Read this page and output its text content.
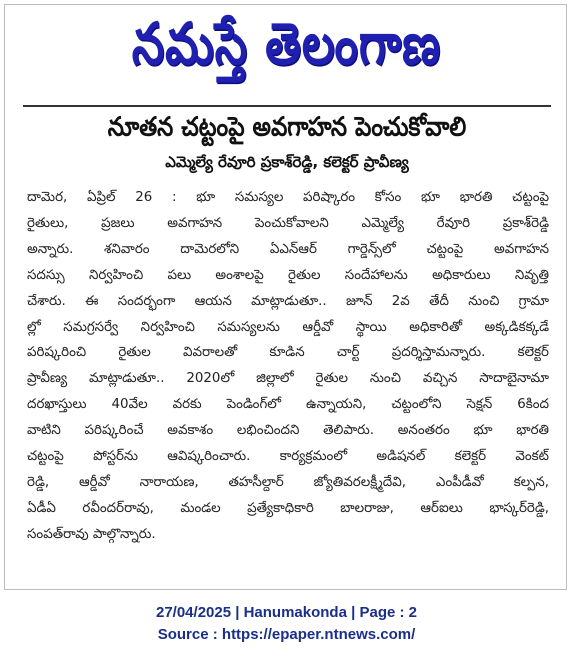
నమస్తే తెలంగాణ
నూతన చట్టంపై అవగాహన పెంచుకోవాలి
ఎమ్మెల్యే రేవూరి ప్రకాశ్‌రెడ్డి, కలెక్టర్ ప్రావీణ్య
దామెర, ఏప్రిల్ 26 : భూ సమస్యల పరిష్కారం కోసం భూ భారతి చట్టంపై
రైతులు, ప్రజలు అవగాహన పెంచుకోవాలని ఎమ్మెల్యే రేవూరి ప్రకాశ్‌రెడ్డి
అన్నారు. శనివారం దామెరలోని ఏఎన్‌ఆర్ గార్డెన్స్‌లో చట్టంపై అవగాహన
సదస్సు నిర్వహించి పలు అంశాలపై రైతుల సందేహాలను అధికారులు నివృత్తి
చేశారు. ఈ సందర్భంగా ఆయన మాట్లాడుతూ.. జూన్ 2వ తేదీ నుంచి గ్రామా
ల్లో సమగ్రసర్వే నిర్వహించి సమస్యలను ఆర్డీవో స్థాయి అధికారితో అక్కడికక్కడే
పరిష్కరించి రైతుల వివరాలతో కూడిన చార్ట్ ప్రదర్శిస్తామన్నారు. కలెక్టర్
ప్రావీణ్య మాట్లాడుతూ.. 2020లో జిల్లాలో రైతుల నుంచి వచ్చిన సాదాబైనామా
దరఖాస్తులు 40వేల వరకు పెండింగ్‌లో ఉన్నాయని, చట్టంలోని సెక్షన్ 6కింద
వాటిని పరిష్కరించే అవకాశం లభించిందని తెలిపారు. అనంతరం భూ భారతి
చట్టంపై పోస్టర్‌ను ఆవిష్కరించారు. కార్యక్రమంలో అడిషనల్ కలెక్టర్ వెంకట్
రెడ్డి, ఆర్డీవో నారాయణ, తహసీల్దార్ జ్యోతివరలక్ష్మీదేవి, ఎంపీడీవో కల్పన,
ఏడీఏ రవీందర్‌రావు, మండల ప్రత్యేకాధికారి బాలరాజు, ఆర్‌ఐలు భాస్కర్‌రెడ్డి,
సంపత్‌రావు పాల్గొన్నారు.
27/04/2025 | Hanumakonda | Page : 2
Source : https://epaper.ntnews.com/
